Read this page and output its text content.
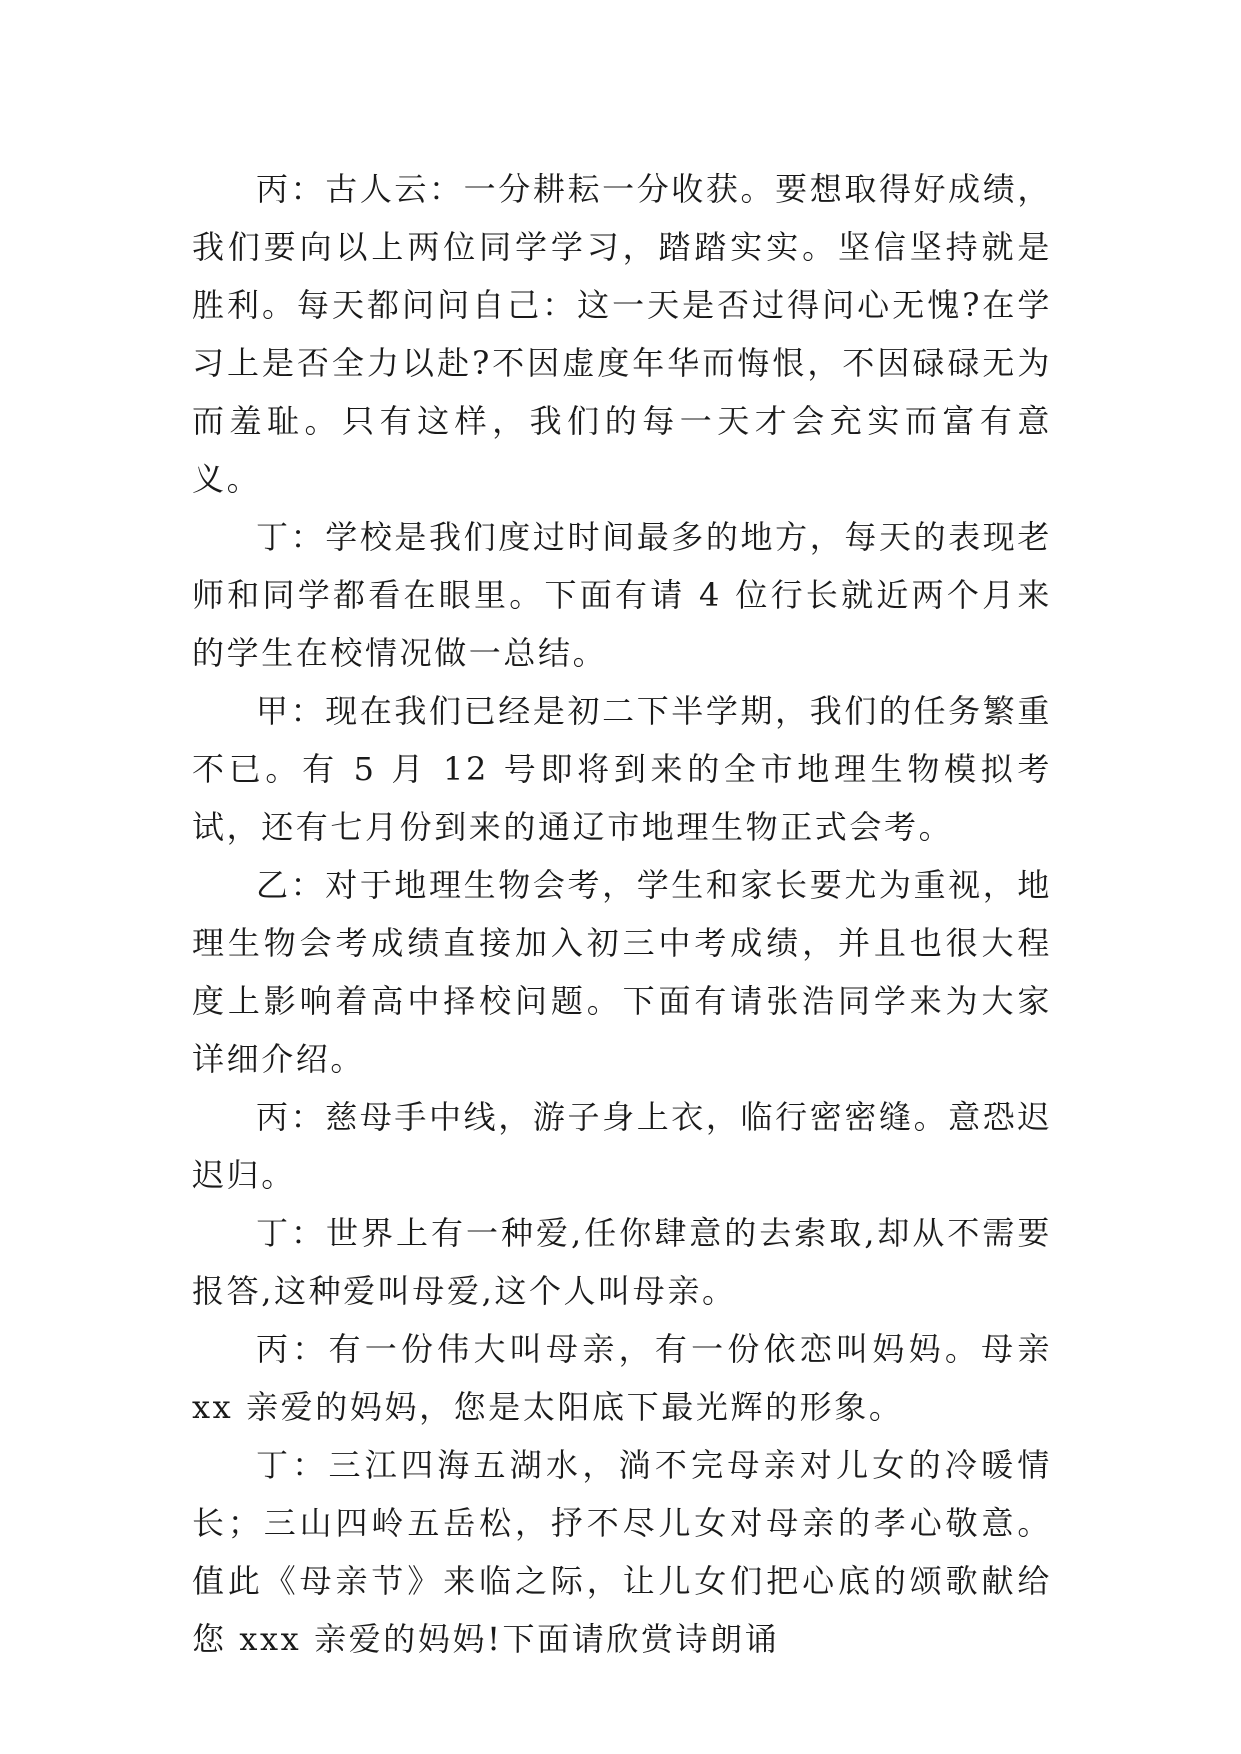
丙：古人云：一分耕耘一分收获。要想取得好成绩，我们要向以上两位同学学习，踏踏实实。坚信坚持就是胜利。每天都问问自己：这一天是否过得问心无愧?在学习上是否全力以赴?不因虚度年华而悔恨，不因碌碌无为而羞耻。只有这样，我们的每一天才会充实而富有意义。

丁：学校是我们度过时间最多的地方，每天的表现老师和同学都看在眼里。下面有请 4 位行长就近两个月来的学生在校情况做一总结。

甲：现在我们已经是初二下半学期，我们的任务繁重不已。有 5 月 12 号即将到来的全市地理生物模拟考试，还有七月份到来的通辽市地理生物正式会考。

乙：对于地理生物会考，学生和家长要尤为重视，地理生物会考成绩直接加入初三中考成绩，并且也很大程度上影响着高中择校问题。下面有请张浩同学来为大家详细介绍。

丙：慈母手中线，游子身上衣，临行密密缝。意恐迟迟归。

丁：世界上有一种爱,任你肆意的去索取,却从不需要报答,这种爱叫母爱,这个人叫母亲。

丙：有一份伟大叫母亲，有一份依恋叫妈妈。母亲 xx 亲爱的妈妈，您是太阳底下最光辉的形象。

丁：三江四海五湖水，淌不完母亲对儿女的冷暖情长；三山四岭五岳松，抒不尽儿女对母亲的孝心敬意。值此《母亲节》来临之际，让儿女们把心底的颂歌献给您 xxx 亲爱的妈妈!下面请欣赏诗朗诵
